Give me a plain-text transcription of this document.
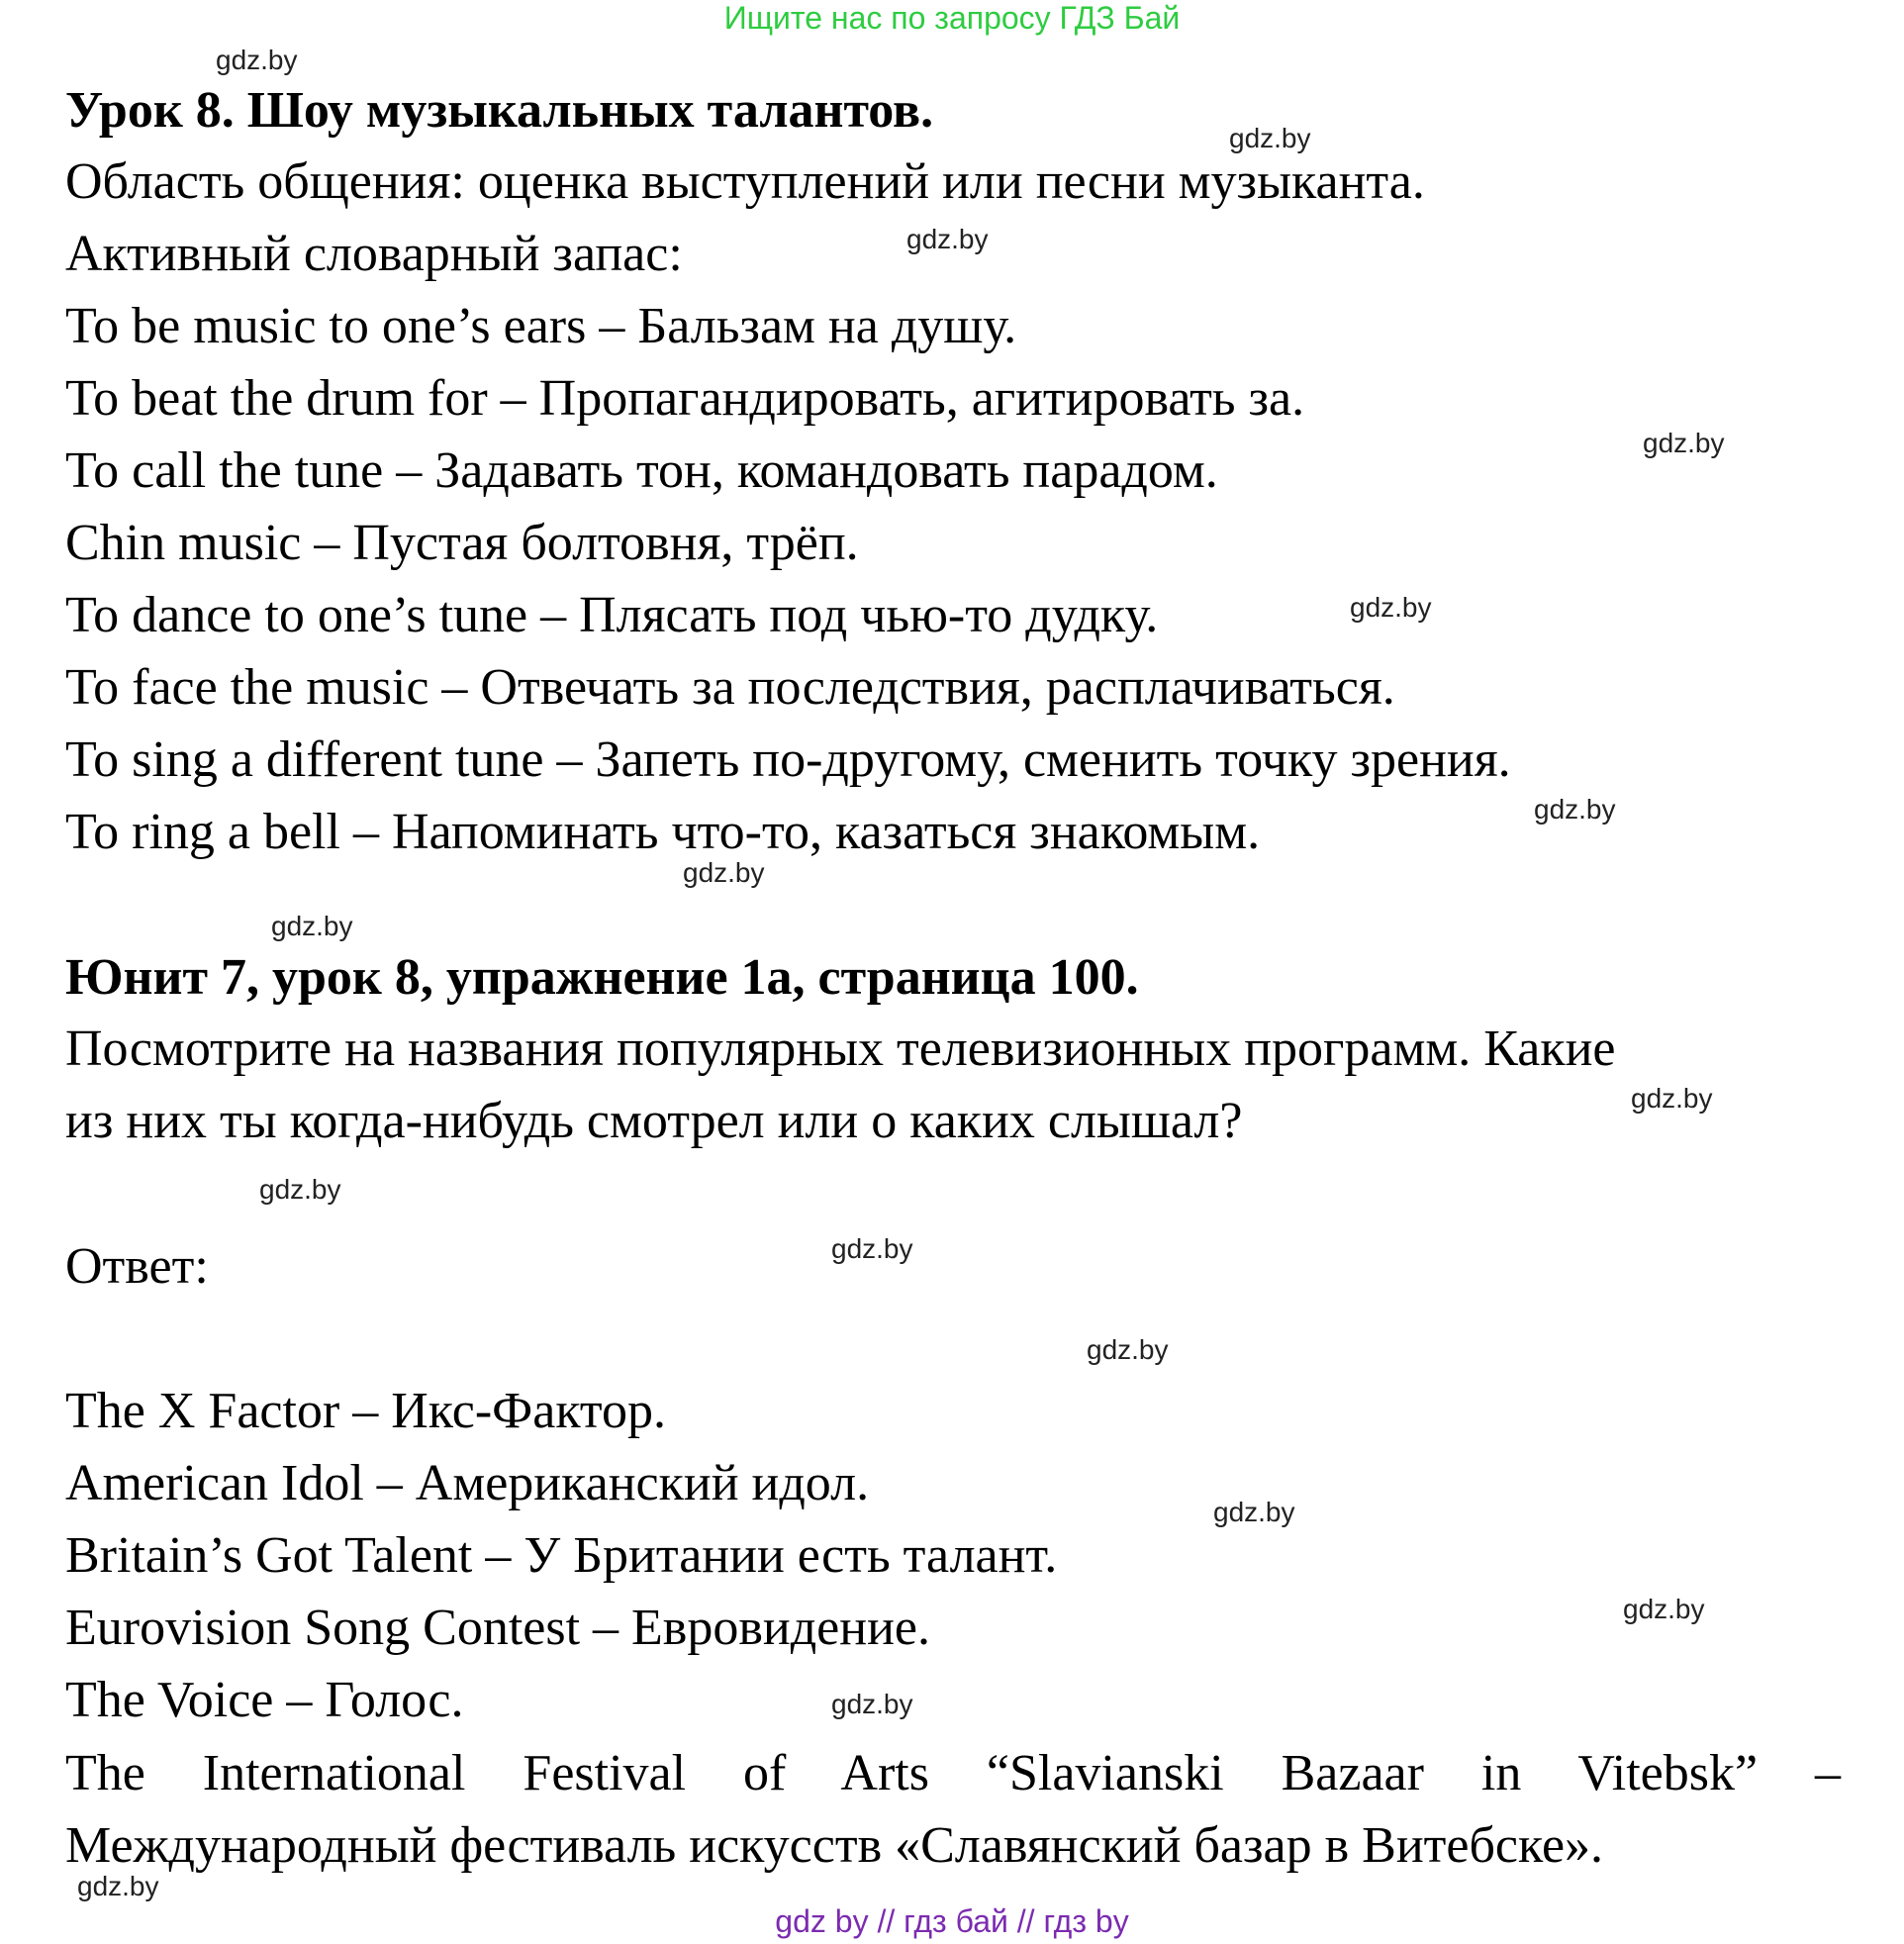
Ищите нас по запросу ГДЗ Бай
Урок 8. Шоу музыкальных талантов.
Область общения: оценка выступлений или песни музыканта.
Активный словарный запас:
To be music to one’s ears – Бальзам на душу.
To beat the drum for – Пропагандировать, агитировать за.
To call the tune – Задавать тон, командовать парадом.
Chin music – Пустая болтовня, трёп.
To dance to one’s tune – Плясать под чью-то дудку.
To face the music – Отвечать за последствия, расплачиваться.
To sing a different tune – Запеть по-другому, сменить точку зрения.
To ring a bell – Напоминать что-то, казаться знакомым.
Юнит 7, урок 8, упражнение 1a, страница 100.
Посмотрите на названия популярных телевизионных программ. Какие
из них ты когда-нибудь смотрел или о каких слышал?
Ответ:
The X Factor – Икс-Фактор.
American Idol – Американский идол.
Britain’s Got Talent – У Британии есть талант.
Eurovision Song Contest – Евровидение.
The Voice – Голос.
The International Festival of Arts “Slavianski Bazaar in Vitebsk” –
Международный фестиваль искусств «Славянский базар в Витебске».
gdz.by
gdz.by
gdz.by
gdz.by
gdz.by
gdz.by
gdz.by
gdz.by
gdz.by
gdz.by
gdz.by
gdz.by
gdz.by
gdz.by
gdz.by
gdz.by
gdz by // гдз бай // гдз by
